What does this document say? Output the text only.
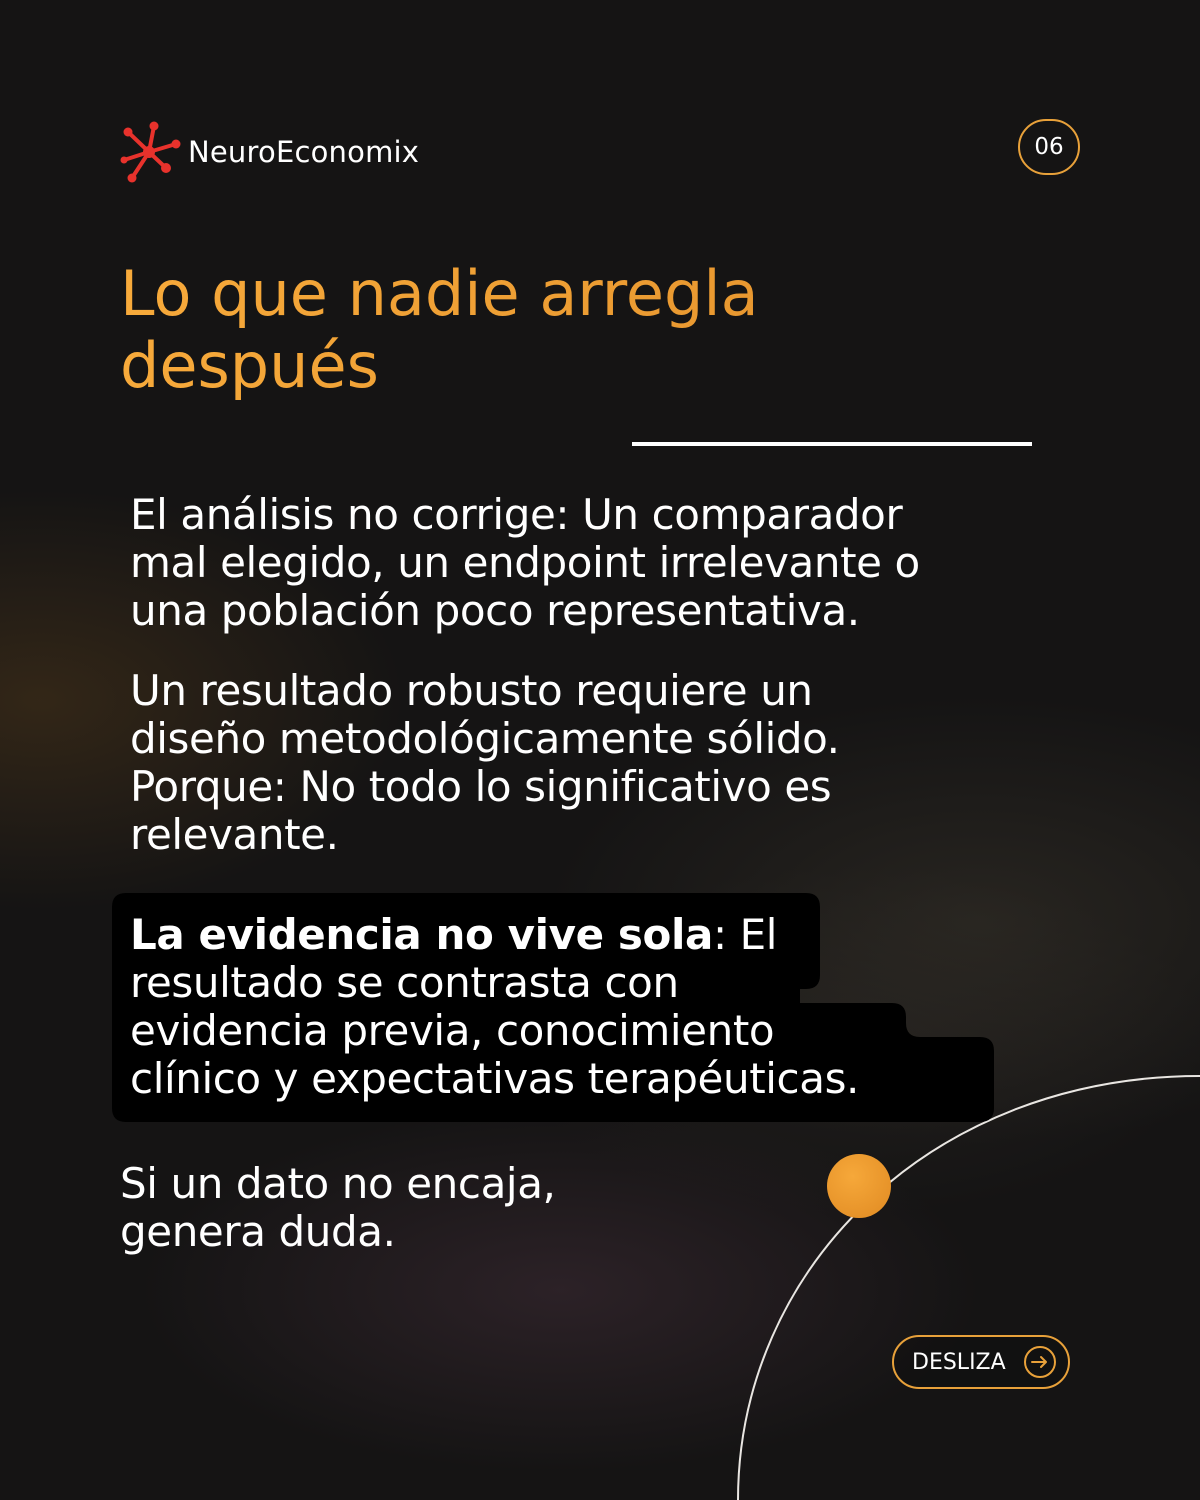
NeuroEconomix	06
Lo que nadie arregla
después
El análisis no corrige: Un comparador
mal elegido, un endpoint irrelevante o
una población poco representativa.
Un resultado robusto requiere un
diseño metodológicamente sólido.
Porque: No todo lo significativo es
relevante.
La evidencia no vive sola: El
resultado se contrasta con
evidencia previa, conocimiento
clínico y expectativas terapéuticas.
Si un dato no encaja,
genera duda.
DESLIZA
